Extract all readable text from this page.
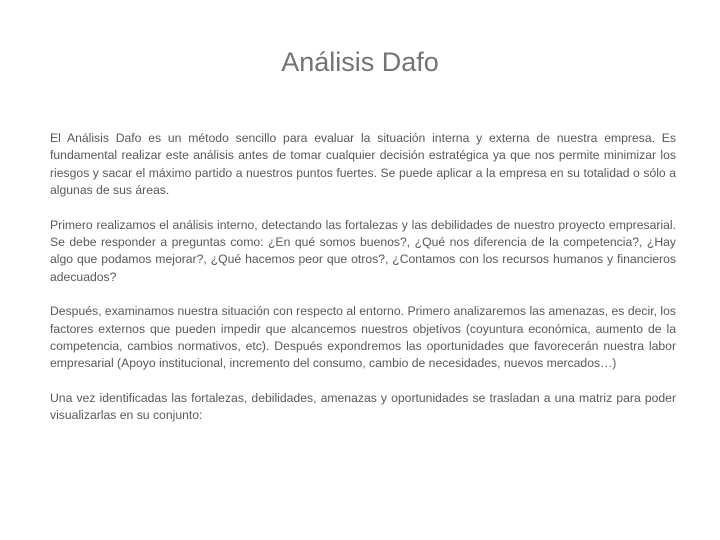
Análisis Dafo

El Análisis Dafo es un método sencillo para evaluar la situación interna y externa de nuestra empresa. Es fundamental realizar este análisis antes de tomar cualquier decisión estratégica ya que nos permite minimizar los riesgos y sacar el máximo partido a nuestros puntos fuertes. Se puede aplicar a la empresa en su totalidad o sólo a algunas de sus áreas.

Primero realizamos el análisis interno, detectando las fortalezas y las debilidades de nuestro proyecto empresarial. Se debe responder a preguntas como: ¿En qué somos buenos?, ¿Qué nos diferencia de la competencia?, ¿Hay algo que podamos mejorar?, ¿Qué hacemos peor que otros?, ¿Contamos con los recursos humanos y financieros adecuados?

Después, examinamos nuestra situación con respecto al entorno. Primero analizaremos las amenazas, es decir, los factores externos que pueden impedir que alcancemos nuestros objetivos (coyuntura económica, aumento de la competencia, cambios normativos, etc). Después expondremos las oportunidades que favorecerán nuestra labor empresarial (Apoyo institucional, incremento del consumo, cambio de necesidades, nuevos mercados…)

Una vez identificadas las fortalezas, debilidades, amenazas y oportunidades se trasladan a una matriz para poder visualizarlas en su conjunto:
